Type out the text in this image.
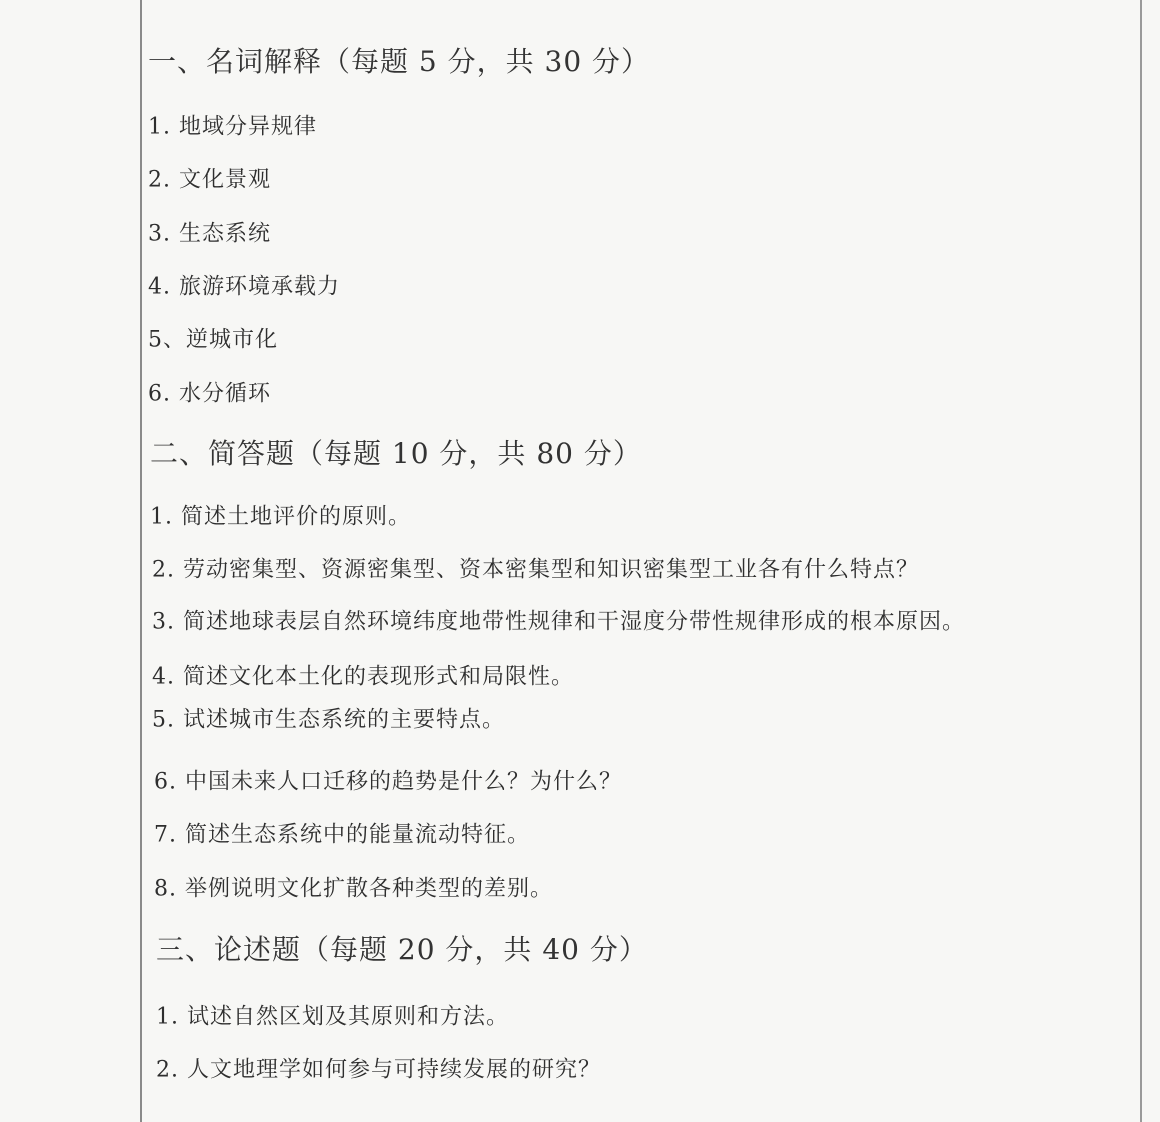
一、名词解释（每题 5 分，共 30 分）
1. 地域分异规律
2. 文化景观
3. 生态系统
4. 旅游环境承载力
5、逆城市化
6. 水分循环
二、简答题（每题 10 分，共 80 分）
1. 简述土地评价的原则。
2. 劳动密集型、资源密集型、资本密集型和知识密集型工业各有什么特点？
3. 简述地球表层自然环境纬度地带性规律和干湿度分带性规律形成的根本原因。
4. 简述文化本土化的表现形式和局限性。
5. 试述城市生态系统的主要特点。
6. 中国未来人口迁移的趋势是什么？为什么？
7. 简述生态系统中的能量流动特征。
8. 举例说明文化扩散各种类型的差别。
三、论述题（每题 20 分，共 40 分）
1. 试述自然区划及其原则和方法。
2. 人文地理学如何参与可持续发展的研究？
